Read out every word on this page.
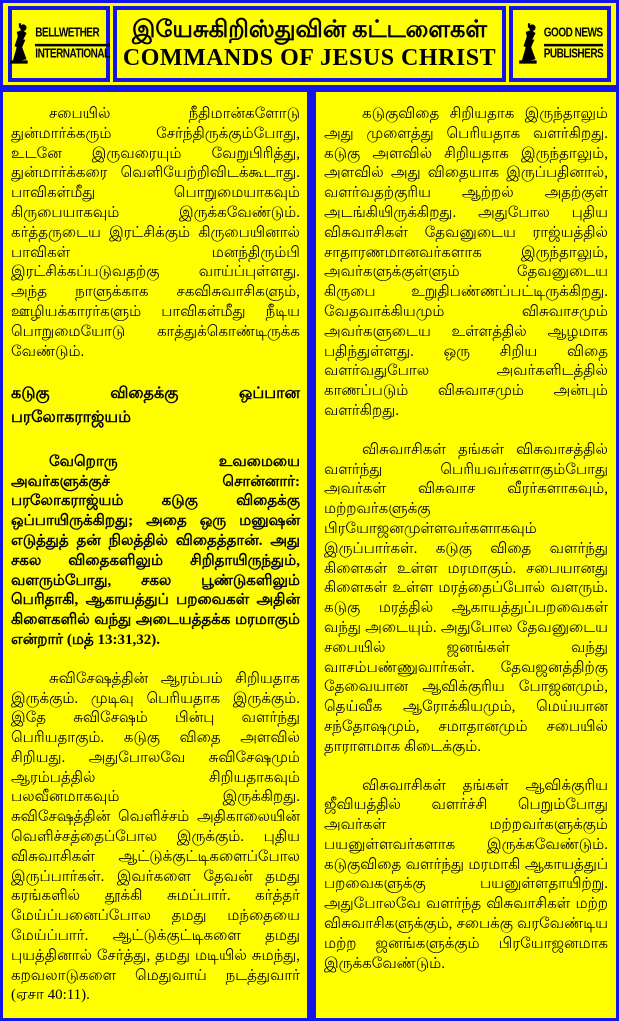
BELLWETHER
INTERNATIONAL
இயேசுகிறிஸ்துவின் கட்டளைகள்
COMMANDS OF JESUS CHRIST
GOOD NEWS
PUBLISHERS

சபையில் நீதிமான்களோடு துன்மார்க்கரும் சேர்ந்திருக்கும்போது, உடனே இருவரையும் வேறுபிரித்து, துன்மார்க்கரை வெளியேற்றிவிடக்கூடாது. பாவிகள்மீது பொறுமையாகவும் கிருபையாகவும் இருக்கவேண்டும். கர்த்தருடைய இரட்சிக்கும் கிருபையினால் பாவிகள் மனந்திரும்பி இரட்சிக்கப்படுவதற்கு வாய்ப்புள்ளது. அந்த நாளுக்காக சகவிசுவாசிகளும், ஊழியக்காரர்களும் பாவிகள்மீது நீடிய பொறுமையோடு காத்துக்கொண்டிருக்க வேண்டும்.

கடுகு விதைக்கு ஒப்பான பரலோகராஜ்யம்

வேறொரு உவமையை அவர்களுக்குச் சொன்னார்: பரலோகராஜ்யம் கடுகு விதைக்கு ஒப்பாயிருக்கிறது; அதை ஒரு மனுஷன் எடுத்துத் தன் நிலத்தில் விதைத்தான். அது சகல விதைகளிலும் சிறிதாயிருந்தும், வளரும்போது, சகல பூண்டுகளிலும் பெரிதாகி, ஆகாயத்துப் பறவைகள் அதின் கிளைகளில் வந்து அடையத்தக்க மரமாகும் என்றார் (மத் 13:31,32).

சுவிசேஷத்தின் ஆரம்பம் சிறியதாக இருக்கும். முடிவு பெரியதாக இருக்கும். இதே சுவிசேஷம் பின்பு வளர்ந்து பெரியதாகும். கடுகு விதை அளவில் சிறியது. அதுபோலவே சுவிசேஷமும் ஆரம்பத்தில் சிறியதாகவும் பலவீனமாகவும் இருக்கிறது. சுவிசேஷத்தின் வெளிச்சம் அதிகாலையின் வெளிச்சத்தைப்போல இருக்கும். புதிய விசுவாசிகள் ஆட்டுக்குட்டிகளைப்போல இருப்பார்கள். இவர்களை தேவன் தமது கரங்களில் தூக்கி சுமப்பார். கர்த்தர் மேய்ப்பனைப்போல தமது மந்தையை மேய்ப்பார். ஆட்டுக்குட்டிகளை தமது புயத்தினால் சேர்த்து, தமது மடியில் சுமந்து, கறவலாடுகளை மெதுவாய் நடத்துவார் (ஏசா 40:11).

கடுகுவிதை சிறியதாக இருந்தாலும் அது முளைத்து பெரியதாக வளர்கிறது. கடுகு அளவில் சிறியதாக இருந்தாலும், அளவில் அது விதையாக இருப்பதினால், வளர்வதற்குரிய ஆற்றல் அதற்குள் அடங்கியிருக்கிறது. அதுபோல புதிய விசுவாசிகள் தேவனுடைய ராஜ்யத்தில் சாதாரணமானவர்களாக இருந்தாலும், அவர்களுக்குள்ளும் தேவனுடைய கிருபை உறுதிபண்ணப்பட்டிருக்கிறது. வேதவாக்கியமும் விசுவாசமும் அவர்களுடைய உள்ளத்தில் ஆழமாக பதிந்துள்ளது. ஒரு சிறிய விதை வளர்வதுபோல அவர்களிடத்தில் காணப்படும் விசுவாசமும் அன்பும் வளர்கிறது.

விசுவாசிகள் தங்கள் விசுவாசத்தில் வளர்ந்து பெரியவர்களாகும்போது அவர்கள் விசுவாச வீரர்களாகவும், மற்றவர்களுக்கு பிரயோஜனமுள்ளவர்களாகவும் இருப்பார்கள். கடுகு விதை வளர்ந்து கிளைகள் உள்ள மரமாகும். சபையானது கிளைகள் உள்ள மரத்தைப்போல் வளரும். கடுகு மரத்தில் ஆகாயத்துப்பறவைகள் வந்து அடையும். அதுபோல தேவனுடைய சபையில் ஜனங்கள் வந்து வாசம்பண்ணுவார்கள். தேவஜனத்திற்கு தேவையான ஆவிக்குரிய போஜனமும், தெய்வீக ஆரோக்கியமும், மெய்யான சந்தோஷமும், சமாதானமும் சபையில் தாராளமாக கிடைக்கும்.

விசுவாசிகள் தங்கள் ஆவிக்குரிய ஜீவியத்தில் வளர்ச்சி பெறும்போது அவர்கள் மற்றவர்களுக்கும் பயனுள்ளவர்களாக இருக்கவேண்டும். கடுகுவிதை வளர்ந்து மரமாகி ஆகாயத்துப் பறவைகளுக்கு பயனுள்ளதாயிற்று. அதுபோலவே வளர்ந்த விசுவாசிகள் மற்ற விசுவாசிகளுக்கும், சபைக்கு வரவேண்டிய மற்ற ஜனங்களுக்கும் பிரயோஜனமாக இருக்கவேண்டும்.
